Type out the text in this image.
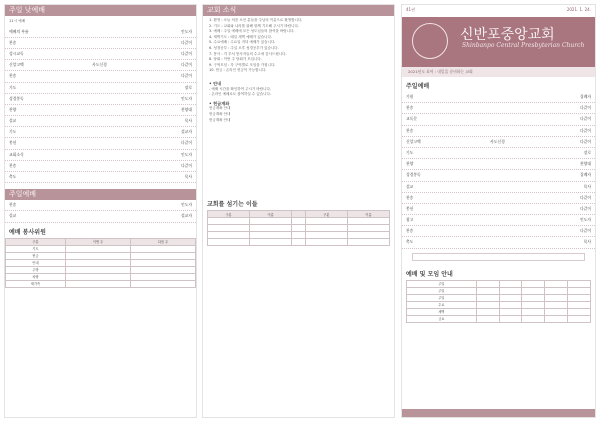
주일 낮예배
11시 예배
예배의 부름	인도자
찬송	다같이
성시교독	다같이
신앙고백	사도신경	다같이
찬송	다같이
기도	장로
성경봉독	인도자
찬양	찬양대
설교	목사
기도	설교자
봉헌	다같이
교회소식	인도자
찬송	다같이
축도	목사
주일예배
찬송	인도자
설교	설교자
예배 봉사위원
구분	이번 주	다음 주
기도		
헌금		
안내		
주방		
차량		
새가족		
교회 소식

1. 환영 : 오늘 처음 오신 분들을 주님의 이름으로 환영합니다.

2. 기도 : 교회와 나라를 위해 함께 기도해 주시기 바랍니다.

3. 예배 : 주일 예배에 모든 성도님들의 참석을 바랍니다.

4. 새벽기도 : 매일 새벽 예배가 있습니다.

5. 수요예배 : 수요일 저녁 예배가 있습니다.

6. 성경공부 : 주일 오후 성경공부가 있습니다.

7. 봉사 : 각 부서 봉사자들의 수고에 감사드립니다.

8. 당회 : 이번 주 당회가 모입니다.

9. 구역모임 : 각 구역별로 모임을 가집니다.

10. 헌금 : 온라인 헌금이 가능합니다.

• 안내

- 예배 시간을 확인하여 주시기 바랍니다.

- 온라인 예배로도 참여하실 수 있습니다.

• 헌금계좌

헌금계좌 안내

헌금계좌 안내

헌금계좌 안내

교회를 섬기는 이들
구분	이름		구분	이름

41권	2021. 1. 24.
신반포중앙교회
Shinbanpo Central Presbyterian Church
2021년도 표어 : 내일을 준비하는 교회
주일예배
기원	집례자
찬송	다같이
교독문	다같이
찬송	다같이
신앙고백	사도신경	다같이
기도	장로
찬양	찬양대
성경봉독	집례자
설교	목사
찬송	다같이
봉헌	다같이
광고	인도자
찬송	다같이
축도	목사
예배 및 모임 안내
주일					
주일					
주일					
수요					
새벽					
금요					
